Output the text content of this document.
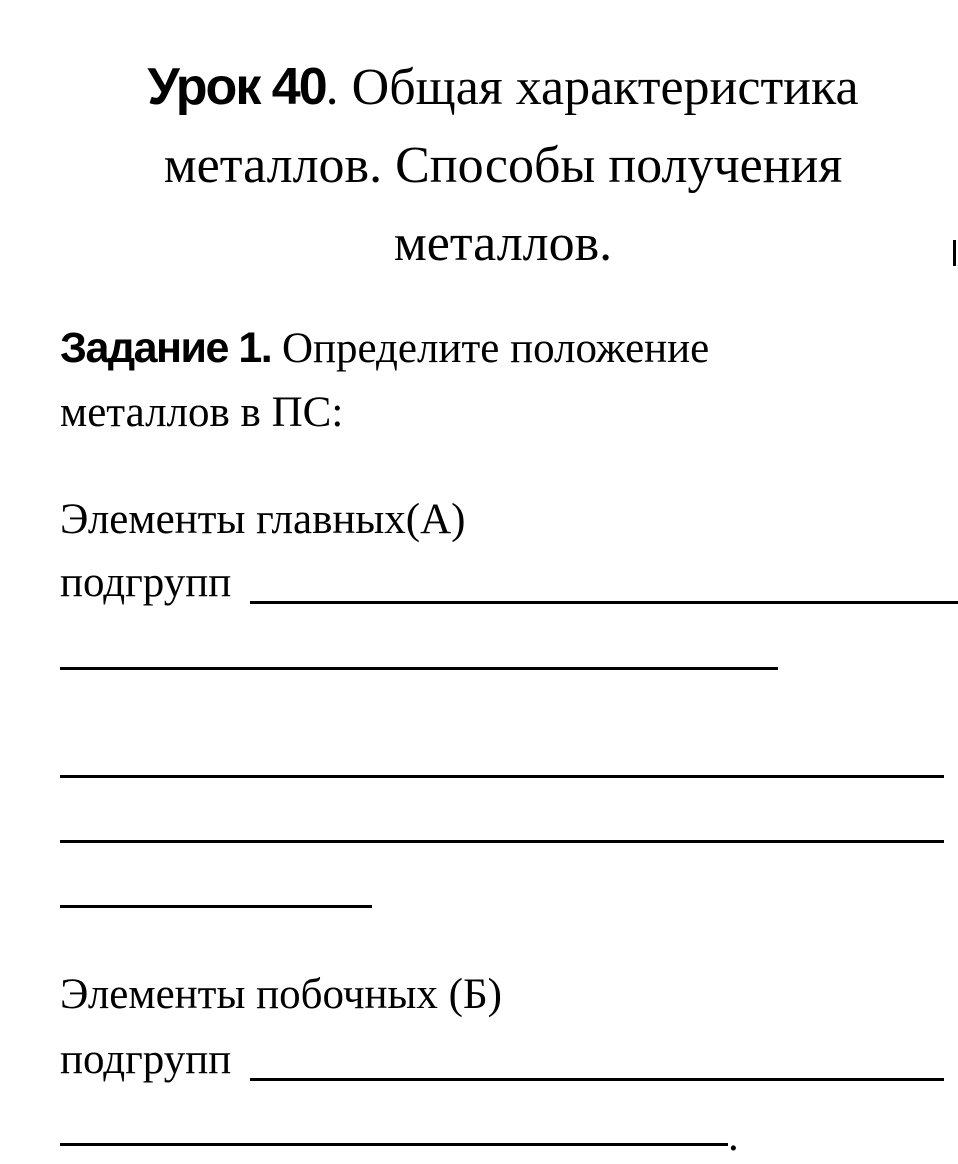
Урок 40. Общая характеристика металлов. Способы получения металлов.

Задание 1. Определите положение

металлов в ПС:

Элементы главных(А)

подгрупп

Элементы побочных (Б)

подгрупп

.
